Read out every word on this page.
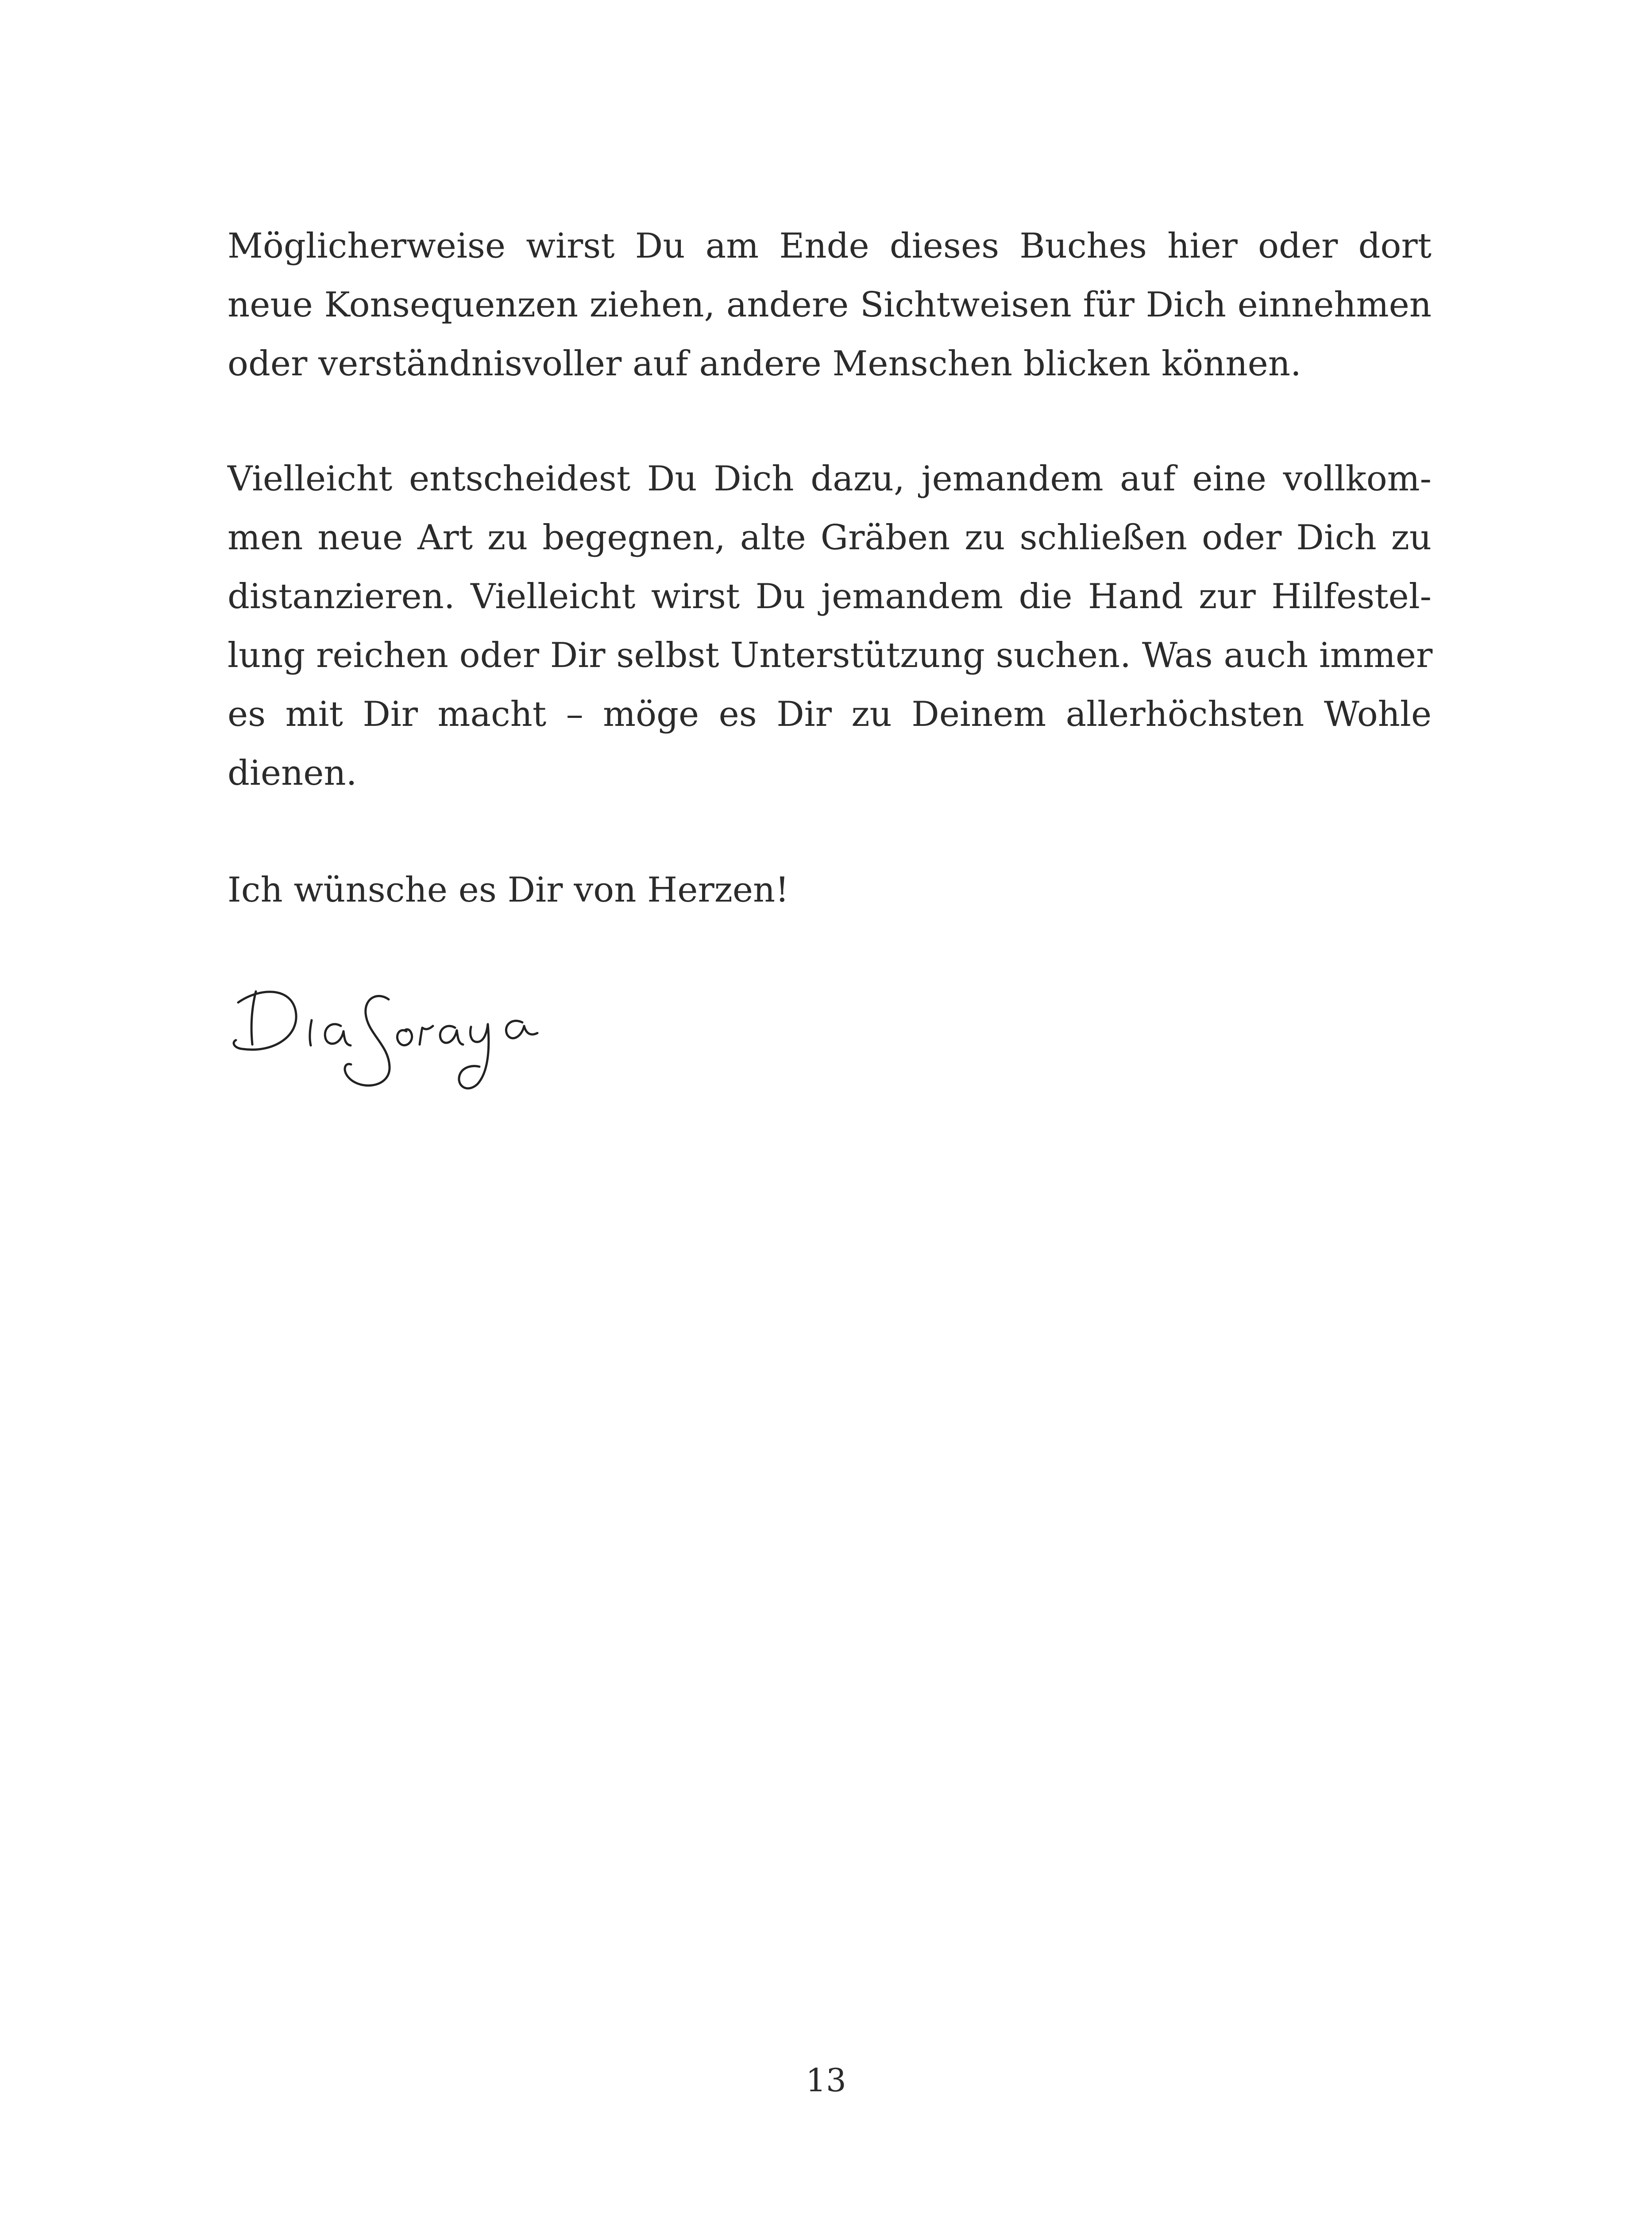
Möglicherweise wirst Du am Ende dieses Buches hier oder dort
neue Konsequenzen ziehen, andere Sichtweisen für Dich einnehmen
oder verständnisvoller auf andere Menschen blicken können.
Vielleicht entscheidest Du Dich dazu, jemandem auf eine vollkom-
men neue Art zu begegnen, alte Gräben zu schließen oder Dich zu
distanzieren. Vielleicht wirst Du jemandem die Hand zur Hilfestel-
lung reichen oder Dir selbst Unterstützung suchen. Was auch immer
es mit Dir macht – möge es Dir zu Deinem allerhöchsten Wohle
dienen.
Ich wünsche es Dir von Herzen!
13
